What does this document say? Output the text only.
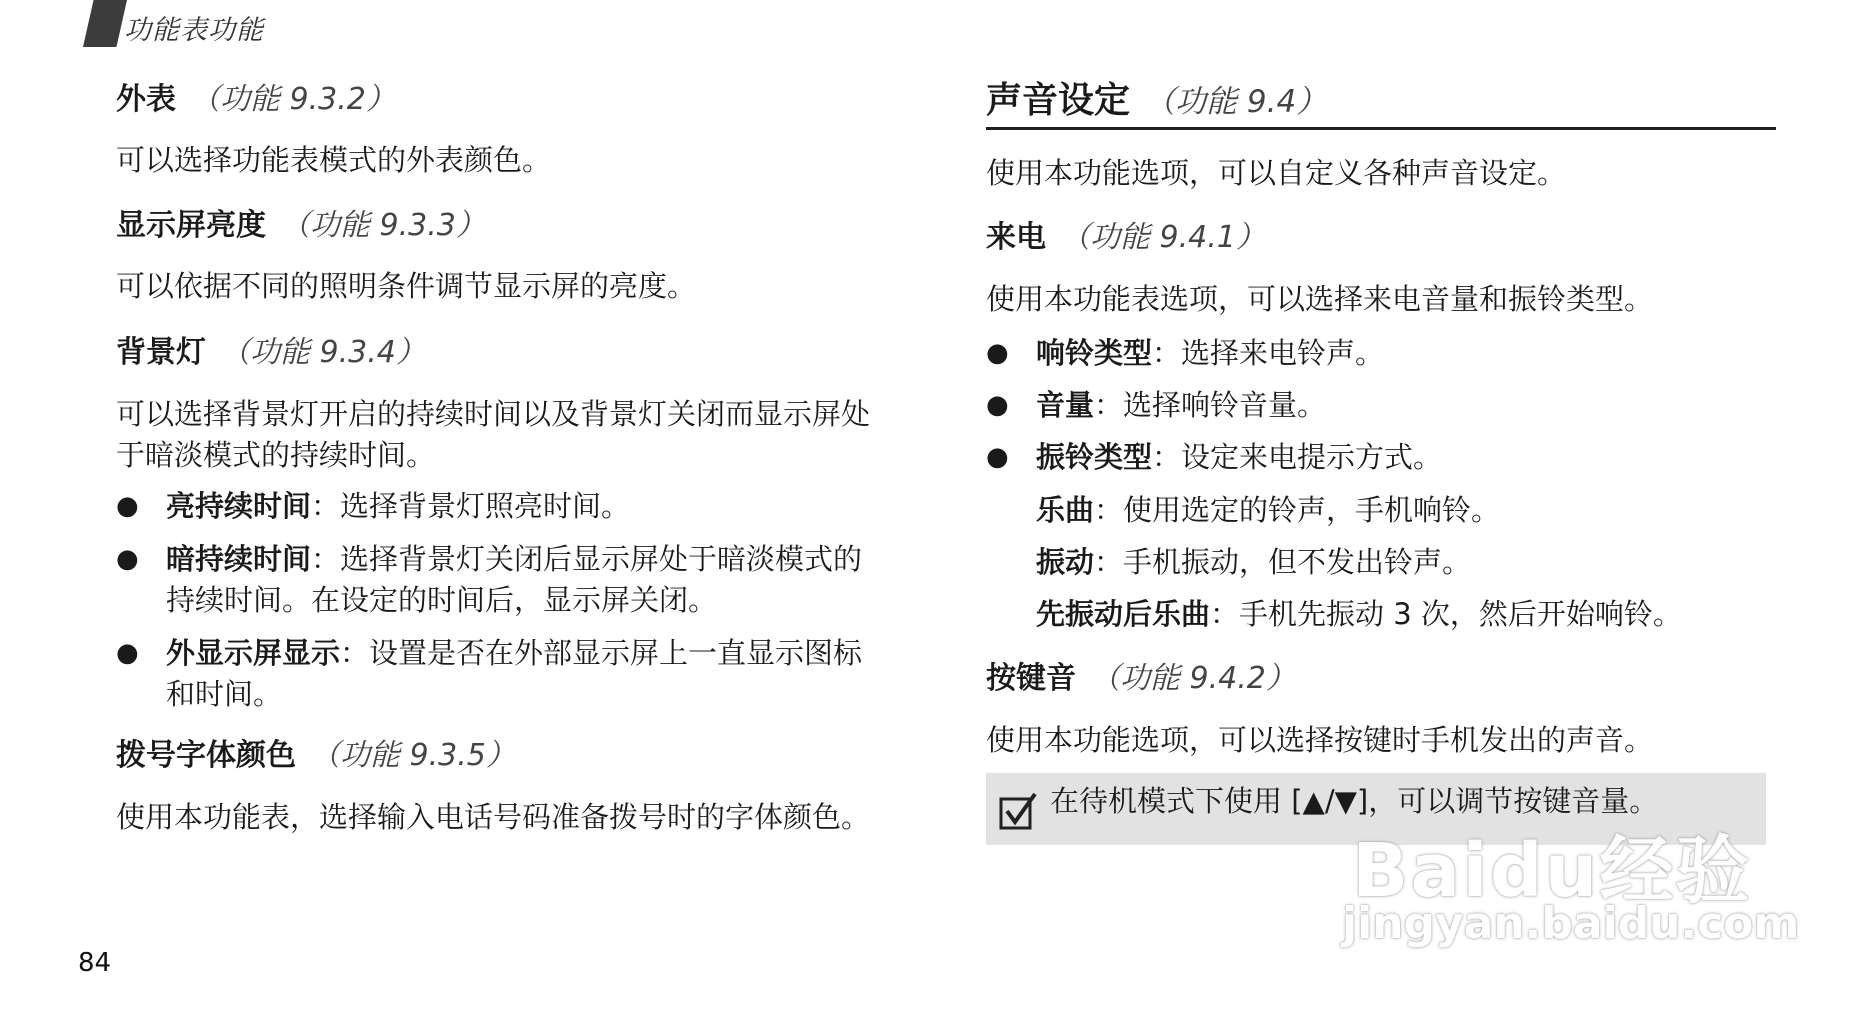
功能表功能
外表 （功能 9.3.2）

可以选择功能表模式的外表颜色。

显示屏亮度 （功能 9.3.3）

可以依据不同的照明条件调节显示屏的亮度。

背景灯 （功能 9.3.4）

可以选择背景灯开启的持续时间以及背景灯关闭而显示屏处

于暗淡模式的持续时间。

● 亮持续时间：选择背景灯照亮时间。
● 暗持续时间：选择背景灯关闭后显示屏处于暗淡模式的
持续时间。在设定的时间后，显示屏关闭。
● 外显示屏显示：设置是否在外部显示屏上一直显示图标
和时间。
拨号字体颜色 （功能 9.3.5）

使用本功能表，选择输入电话号码准备拨号时的字体颜色。

声音设定 （功能 9.4）

使用本功能选项，可以自定义各种声音设定。

来电 （功能 9.4.1）

使用本功能表选项，可以选择来电音量和振铃类型。

● 响铃类型：选择来电铃声。
● 音量：选择响铃音量。
● 振铃类型：设定来电提示方式。
乐曲：使用选定的铃声，手机响铃。
振动：手机振动，但不发出铃声。
先振动后乐曲：手机先振动 3 次，然后开始响铃。
按键音 （功能 9.4.2）

使用本功能选项，可以选择按键时手机发出的声音。

在待机模式下使用 [▲/▼]，可以调节按键音量。
Baidu经验
jingyan.baidu.com
84
